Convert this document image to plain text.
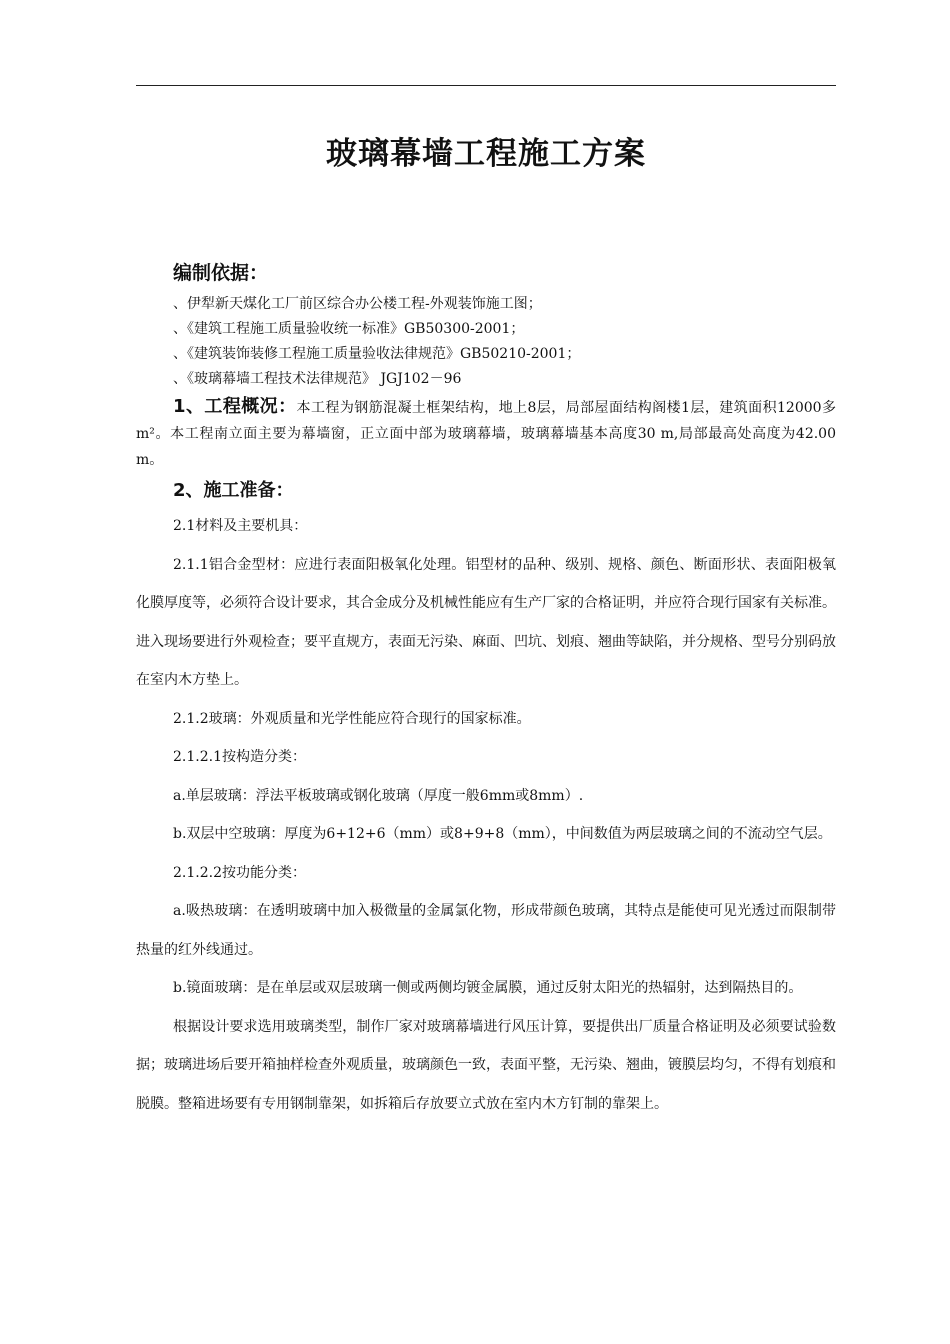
玻璃幕墙工程施工方案
编制依据：
、伊犁新天煤化工厂前区综合办公楼工程-外观装饰施工图；
、《建筑工程施工质量验收统一标准》GB50300-2001；
、《建筑装饰装修工程施工质量验收法律规范》GB50210-2001；
、《玻璃幕墙工程技术法律规范》 JGJ102－96

1、工程概况：本工程为钢筋混凝土框架结构，地上8层，局部屋面结构阁楼1层，建筑面积12000多m²。本工程南立面主要为幕墙窗，正立面中部为玻璃幕墙，玻璃幕墙基本高度30 m,局部最高处高度为42.00 m。

2、施工准备：

2.1材料及主要机具：

2.1.1铝合金型材：应进行表面阳极氧化处理。铝型材的品种、级别、规格、颜色、断面形状、表面阳极氧化膜厚度等，必须符合设计要求，其合金成分及机械性能应有生产厂家的合格证明，并应符合现行国家有关标准。进入现场要进行外观检查；要平直规方，表面无污染、麻面、凹坑、划痕、翘曲等缺陷，并分规格、型号分别码放在室内木方垫上。

2.1.2玻璃：外观质量和光学性能应符合现行的国家标准。

2.1.2.1按构造分类：

a.单层玻璃：浮法平板玻璃或钢化玻璃（厚度一般6mm或8mm）.

b.双层中空玻璃：厚度为6+12+6（mm）或8+9+8（mm），中间数值为两层玻璃之间的不流动空气层。

2.1.2.2按功能分类：

a.吸热玻璃：在透明玻璃中加入极微量的金属氯化物，形成带颜色玻璃，其特点是能使可见光透过而限制带热量的红外线通过。

b.镜面玻璃：是在单层或双层玻璃一侧或两侧均镀金属膜，通过反射太阳光的热辐射，达到隔热目的。

根据设计要求选用玻璃类型，制作厂家对玻璃幕墙进行风压计算，要提供出厂质量合格证明及必须要试验数据；玻璃进场后要开箱抽样检查外观质量，玻璃颜色一致，表面平整，无污染、翘曲，镀膜层均匀，不得有划痕和脱膜。整箱进场要有专用钢制靠架，如拆箱后存放要立式放在室内木方钉制的靠架上。
